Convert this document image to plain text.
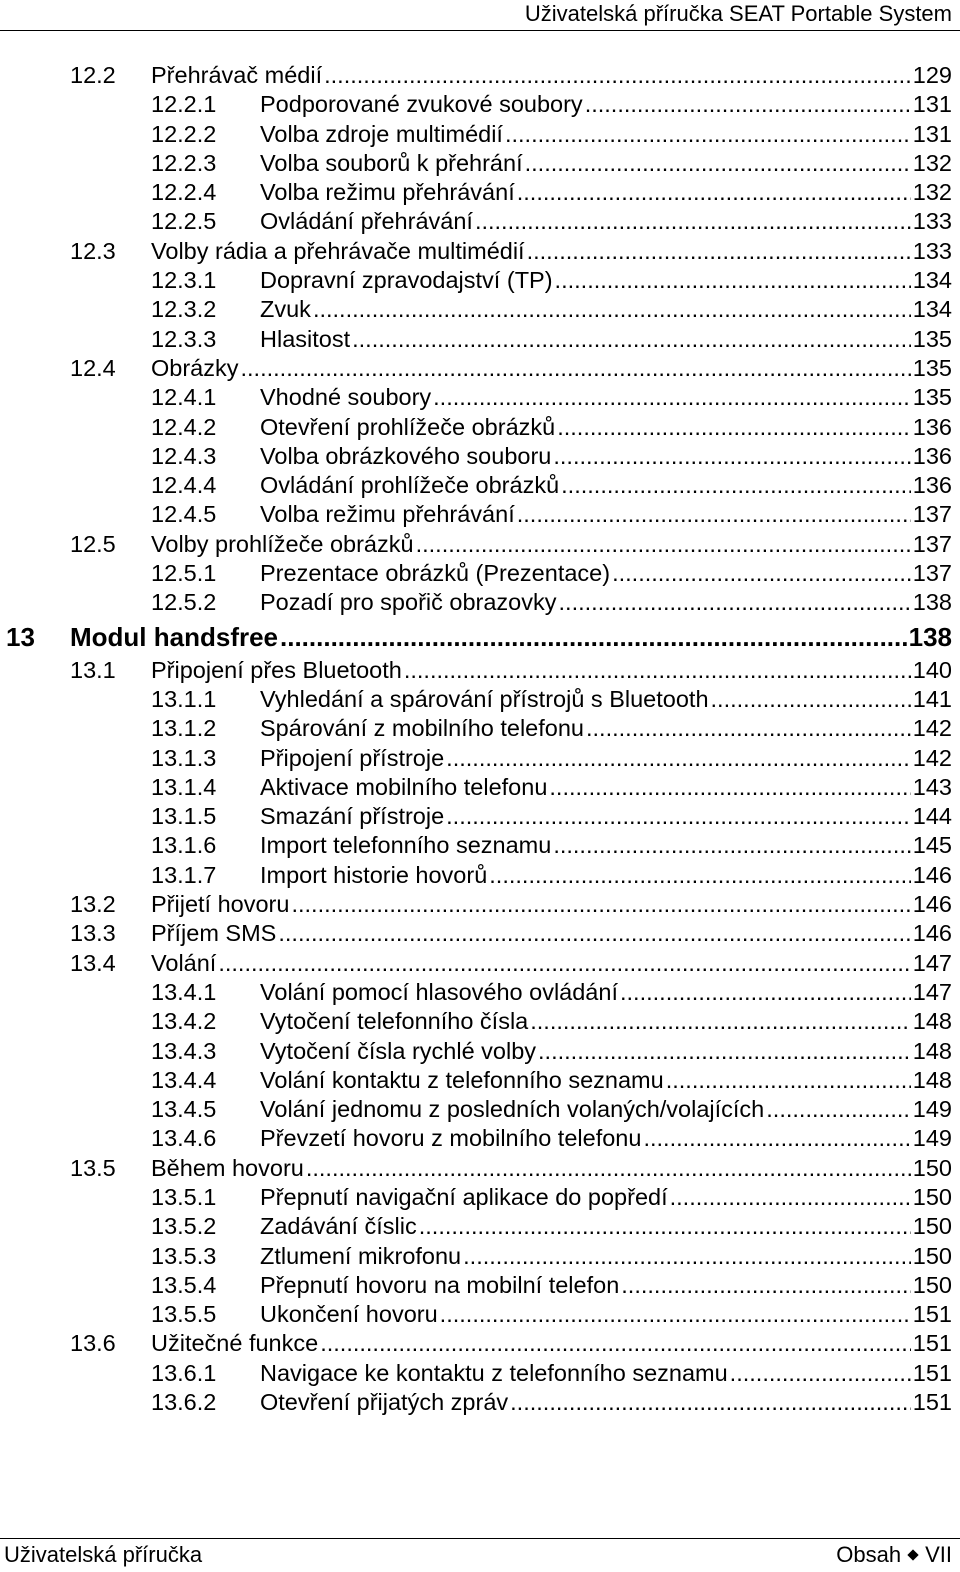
Uživatelská příručka SEAT Portable System
12.2 Přehrávač médií .....	129
12.2.1 Podporované zvukové soubory .....	131
12.2.2 Volba zdroje multimédií .....	131
12.2.3 Volba souborů k přehrání .....	132
12.2.4 Volba režimu přehrávání .....	132
12.2.5 Ovládání přehrávání .....	133
12.3 Volby rádia a přehrávače multimédií .....	133
12.3.1 Dopravní zpravodajství (TP) .....	134
12.3.2 Zvuk .....	134
12.3.3 Hlasitost .....	135
12.4 Obrázky .....	135
12.4.1 Vhodné soubory .....	135
12.4.2 Otevření prohlížeče obrázků .....	136
12.4.3 Volba obrázkového souboru .....	136
12.4.4 Ovládání prohlížeče obrázků .....	136
12.4.5 Volba režimu přehrávání .....	137
12.5 Volby prohlížeče obrázků .....	137
12.5.1 Prezentace obrázků (Prezentace) .....	137
12.5.2 Pozadí pro spořič obrazovky .....	138
13 Modul handsfree .....	138
13.1 Připojení přes Bluetooth .....	140
13.1.1 Vyhledání a spárování přístrojů s Bluetooth .....	141
13.1.2 Spárování z mobilního telefonu .....	142
13.1.3 Připojení přístroje .....	142
13.1.4 Aktivace mobilního telefonu .....	143
13.1.5 Smazání přístroje .....	144
13.1.6 Import telefonního seznamu .....	145
13.1.7 Import historie hovorů .....	146
13.2 Přijetí hovoru .....	146
13.3 Příjem SMS .....	146
13.4 Volání .....	147
13.4.1 Volání pomocí hlasového ovládání .....	147
13.4.2 Vytočení telefonního čísla .....	148
13.4.3 Vytočení čísla rychlé volby .....	148
13.4.4 Volání kontaktu z telefonního seznamu .....	148
13.4.5 Volání jednomu z posledních volaných/volajících .....	149
13.4.6 Převzetí hovoru z mobilního telefonu .....	149
13.5 Během hovoru .....	150
13.5.1 Přepnutí navigační aplikace do popředí .....	150
13.5.2 Zadávání číslic .....	150
13.5.3 Ztlumení mikrofonu .....	150
13.5.4 Přepnutí hovoru na mobilní telefon .....	150
13.5.5 Ukončení hovoru .....	151
13.6 Užitečné funkce .....	151
13.6.1 Navigace ke kontaktu z telefonního seznamu .....	151
13.6.2 Otevření přijatých zpráv .....	151
Uživatelská příručka	Obsah VII
